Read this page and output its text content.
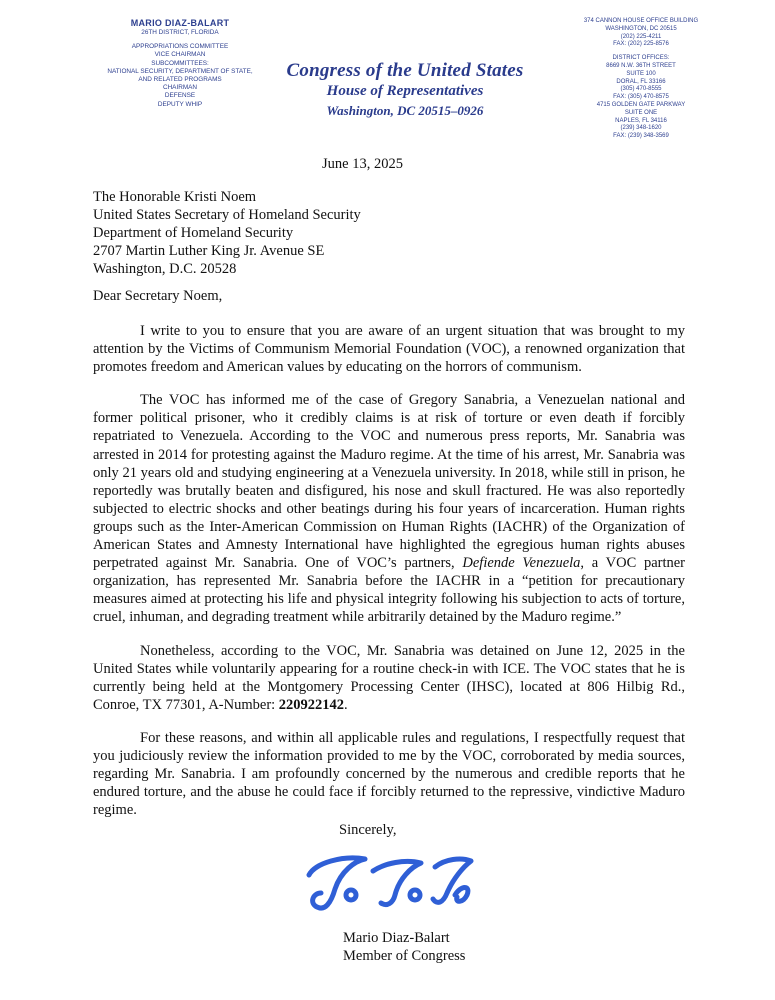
MARIO DIAZ-BALART
26TH DISTRICT, FLORIDA
APPROPRIATIONS COMMITTEE
VICE CHAIRMAN
SUBCOMMITTEES:
NATIONAL SECURITY, DEPARTMENT OF STATE,
AND RELATED PROGRAMS
CHAIRMAN
DEFENSE
DEPUTY WHIP
Congress of the United States
House of Representatives
Washington, DC 20515–0926
374 CANNON HOUSE OFFICE BUILDING
WASHINGTON, DC 20515
(202) 225-4211
FAX: (202) 225-8576
DISTRICT OFFICES:
8669 N.W. 36TH STREET
SUITE 100
DORAL, FL 33166
(305) 470-8555
FAX: (305) 470-8575
4715 GOLDEN GATE PARKWAY
SUITE ONE
NAPLES, FL 34116
(239) 348-1620
FAX: (239) 348-3569
June 13, 2025
The Honorable Kristi Noem
United States Secretary of Homeland Security
Department of Homeland Security
2707 Martin Luther King Jr. Avenue SE
Washington, D.C. 20528
Dear Secretary Noem,

I write to you to ensure that you are aware of an urgent situation that was brought to my attention by the Victims of Communism Memorial Foundation (VOC), a renowned organization that promotes freedom and American values by educating on the horrors of communism.

The VOC has informed me of the case of Gregory Sanabria, a Venezuelan national and former political prisoner, who it credibly claims is at risk of torture or even death if forcibly repatriated to Venezuela. According to the VOC and numerous press reports, Mr. Sanabria was arrested in 2014 for protesting against the Maduro regime. At the time of his arrest, Mr. Sanabria was only 21 years old and studying engineering at a Venezuela university. In 2018, while still in prison, he reportedly was brutally beaten and disfigured, his nose and skull fractured. He was also reportedly subjected to electric shocks and other beatings during his four years of incarceration. Human rights groups such as the Inter-American Commission on Human Rights (IACHR) of the Organization of American States and Amnesty International have highlighted the egregious human rights abuses perpetrated against Mr. Sanabria. One of VOC’s partners, Defiende Venezuela, a VOC partner organization, has represented Mr. Sanabria before the IACHR in a “petition for precautionary measures aimed at protecting his life and physical integrity following his subjection to acts of torture, cruel, inhuman, and degrading treatment while arbitrarily detained by the Maduro regime.”

Nonetheless, according to the VOC, Mr. Sanabria was detained on June 12, 2025 in the United States while voluntarily appearing for a routine check-in with ICE. The VOC states that he is currently being held at the Montgomery Processing Center (IHSC), located at 806 Hilbig Rd., Conroe, TX 77301, A-Number: 220922142.

For these reasons, and within all applicable rules and regulations, I respectfully request that you judiciously review the information provided to me by the VOC, corroborated by media sources, regarding Mr. Sanabria. I am profoundly concerned by the numerous and credible reports that he endured torture, and the abuse he could face if forcibly returned to the repressive, vindictive Maduro regime.

Sincerely,
Mario Diaz-Balart
Member of Congress
